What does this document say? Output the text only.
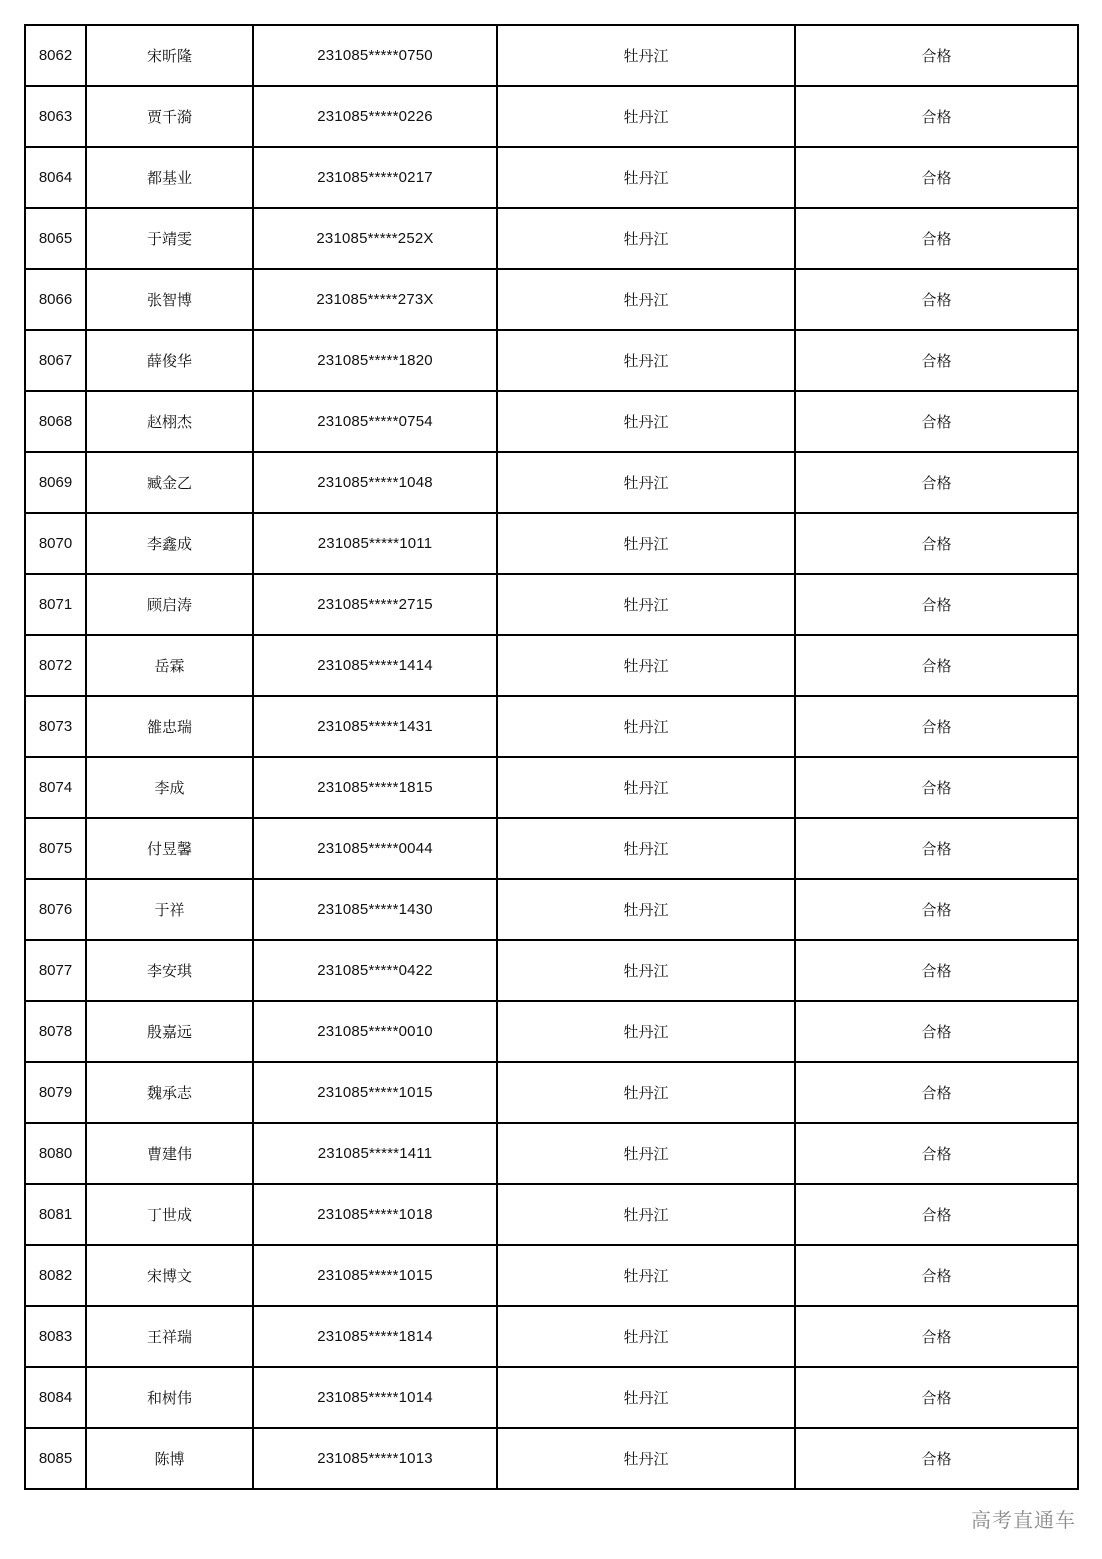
8062	宋昕隆	231085*****0750	牡丹江	合格
8063	贾千漪	231085*****0226	牡丹江	合格
8064	都基业	231085*****0217	牡丹江	合格
8065	于靖雯	231085*****252X	牡丹江	合格
8066	张智博	231085*****273X	牡丹江	合格
8067	薛俊华	231085*****1820	牡丹江	合格
8068	赵栩杰	231085*****0754	牡丹江	合格
8069	臧金乙	231085*****1048	牡丹江	合格
8070	李鑫成	231085*****1011	牡丹江	合格
8071	顾启涛	231085*****2715	牡丹江	合格
8072	岳霖	231085*****1414	牡丹江	合格
8073	雒忠瑞	231085*****1431	牡丹江	合格
8074	李成	231085*****1815	牡丹江	合格
8075	付昱馨	231085*****0044	牡丹江	合格
8076	于祥	231085*****1430	牡丹江	合格
8077	李安琪	231085*****0422	牡丹江	合格
8078	殷嘉远	231085*****0010	牡丹江	合格
8079	魏承志	231085*****1015	牡丹江	合格
8080	曹建伟	231085*****1411	牡丹江	合格
8081	丁世成	231085*****1018	牡丹江	合格
8082	宋博文	231085*****1015	牡丹江	合格
8083	王祥瑞	231085*****1814	牡丹江	合格
8084	和树伟	231085*****1014	牡丹江	合格
8085	陈博	231085*****1013	牡丹江	合格
高考直通车
